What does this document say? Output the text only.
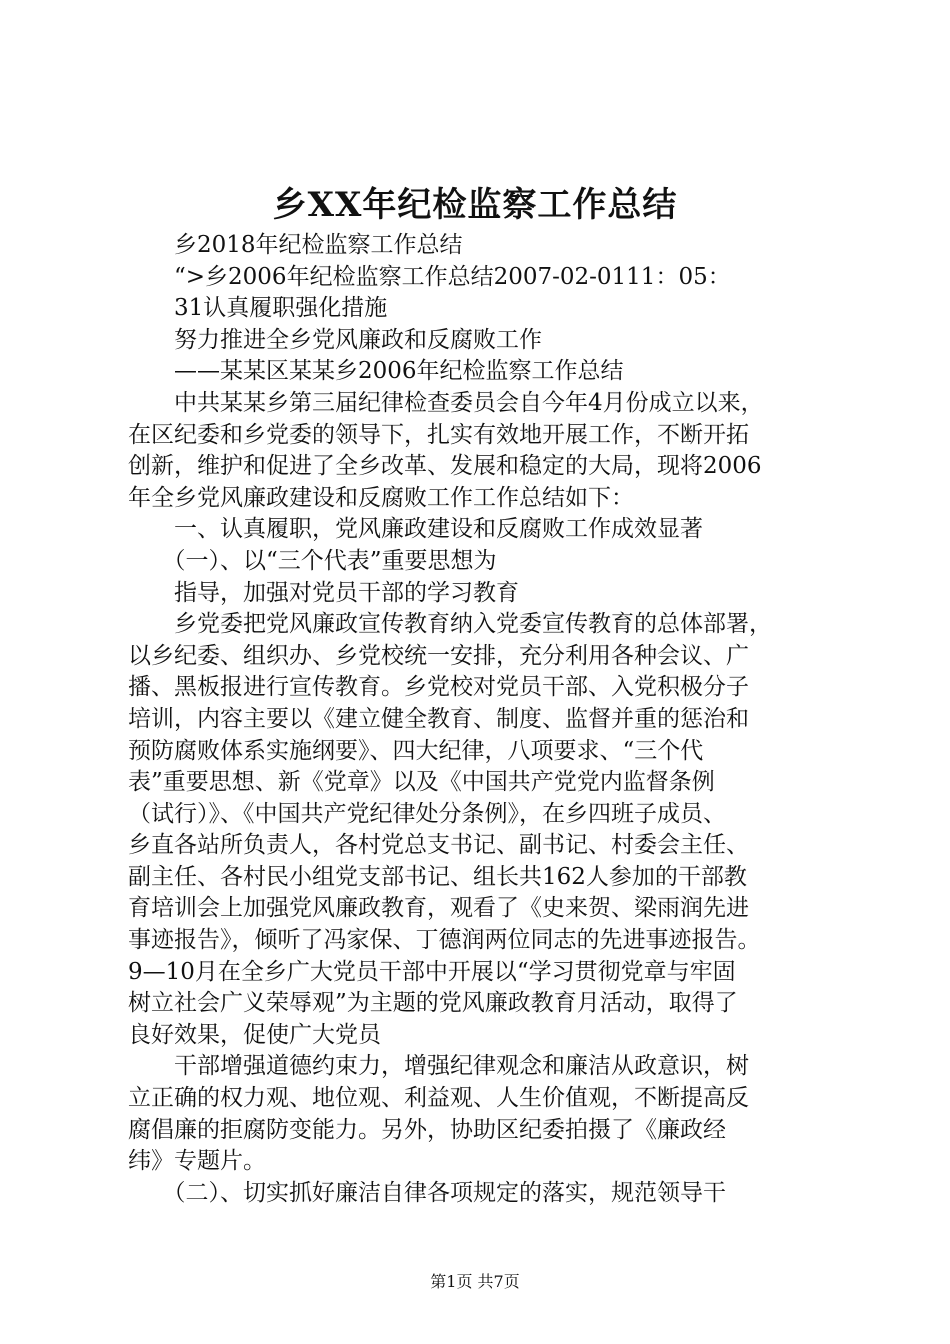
乡XX年纪检监察工作总结

　　乡2018年纪检监察工作总结

　　“>乡2006年纪检监察工作总结2007-02-0111：05：

　　31认真履职强化措施

　　努力推进全乡党风廉政和反腐败工作

　　——某某区某某乡2006年纪检监察工作总结

　　中共某某乡第三届纪律检查委员会自今年4月份成立以来，

在区纪委和乡党委的领导下，扎实有效地开展工作，不断开拓

创新，维护和促进了全乡改革、发展和稳定的大局，现将2006

年全乡党风廉政建设和反腐败工作工作总结如下：

　　一、认真履职，党风廉政建设和反腐败工作成效显著

　　（一）、以“三个代表”重要思想为

　　指导，加强对党员干部的学习教育

　　乡党委把党风廉政宣传教育纳入党委宣传教育的总体部署，

以乡纪委、组织办、乡党校统一安排，充分利用各种会议、广

播、黑板报进行宣传教育。乡党校对党员干部、入党积极分子

培训，内容主要以《建立健全教育、制度、监督并重的惩治和

预防腐败体系实施纲要》、四大纪律，八项要求、“三个代

表”重要思想、新《党章》以及《中国共产党党内监督条例

（试行）》、《中国共产党纪律处分条例》，在乡四班子成员、

乡直各站所负责人，各村党总支书记、副书记、村委会主任、

副主任、各村民小组党支部书记、组长共162人参加的干部教

育培训会上加强党风廉政教育，观看了《史来贺、梁雨润先进

事迹报告》，倾听了冯家保、丁德润两位同志的先进事迹报告。

9—10月在全乡广大党员干部中开展以“学习贯彻党章与牢固

树立社会广义荣辱观”为主题的党风廉政教育月活动，取得了

良好效果，促使广大党员

　　干部增强道德约束力，增强纪律观念和廉洁从政意识，树

立正确的权力观、地位观、利益观、人生价值观，不断提高反

腐倡廉的拒腐防变能力。另外，协助区纪委拍摄了《廉政经

纬》专题片。

　　（二）、切实抓好廉洁自律各项规定的落实，规范领导干

第1页 共7页
